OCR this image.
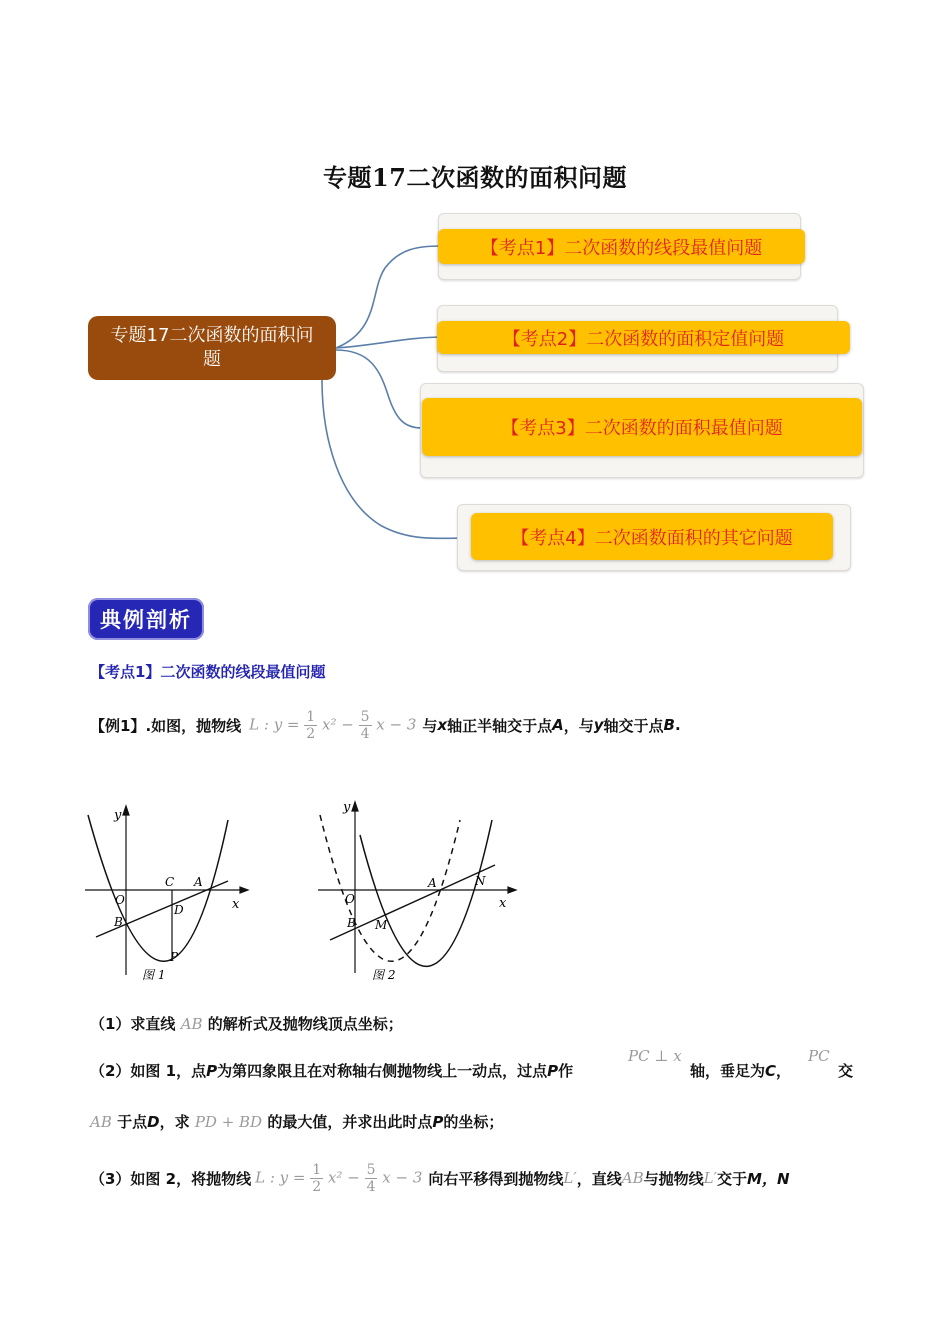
专题17二次函数的面积问题
专题17二次函数的面积问题
【考点1】二次函数的线段最值问题
【考点2】二次函数的面积定值问题
【考点3】二次函数的面积最值问题
【考点4】二次函数面积的其它问题
典例剖析
【考点1】二次函数的线段最值问题
【例1】 .如图，抛物线 L : $y = \frac{1}{2} x^2 - \frac{5}{4}$ x − 3 与 x 轴正半轴交于点 A ，与 y 轴交于点 B .
y
x
O
C A
B
D
P
图 1
y
x
O
A	N
B M
图 2
（1）求直线 AB 的解析式及抛物线顶点坐标；
（2）如图 1，点P为第四象限且在对称轴右侧抛物线上一动点，过点P作
PC ⊥ x
轴，垂足为C，
PC
交
AB 于点D，求 PD + BD 的最大值，并求出此时点P的坐标；
（3）如图 2，将抛物线 L : $y = \frac{1}{2} x^2 - \frac{5}{4}$ x − 3 向右平移得到抛物线 L′ ，直线 AB 与抛物线 L′ 交于 M，N
